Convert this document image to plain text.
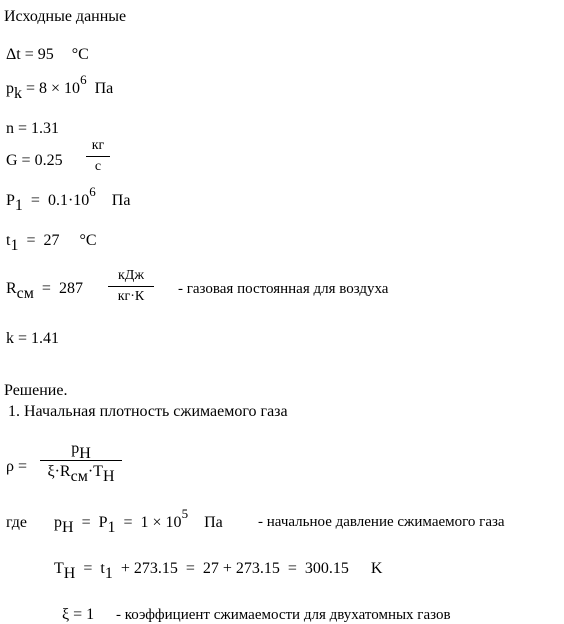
Исходные данные
Δt = 95 °C
pk = $8 \times 10^6$ Па
n = 1.31
G = 0.25
кг
с
$P1 = 0.1\cdot 10^6$ Па
t1 = 27 °C
Rсм = 287
кДж
кг·К	- газовая постоянная для воздуха
k = 1.41
Решение.
1. Начальная плотность сжимаемого газа
ρ =
pH
ξ·Rсм·TH
где pH = $P1 = 1 \times 10^5$ Па - начальное давление сжимаемого газа
TH = t1 + 273.15  =  27 + 273.15  =  300.15 K
ξ = 1 - коэффициент сжимаемости для двухатомных газов
